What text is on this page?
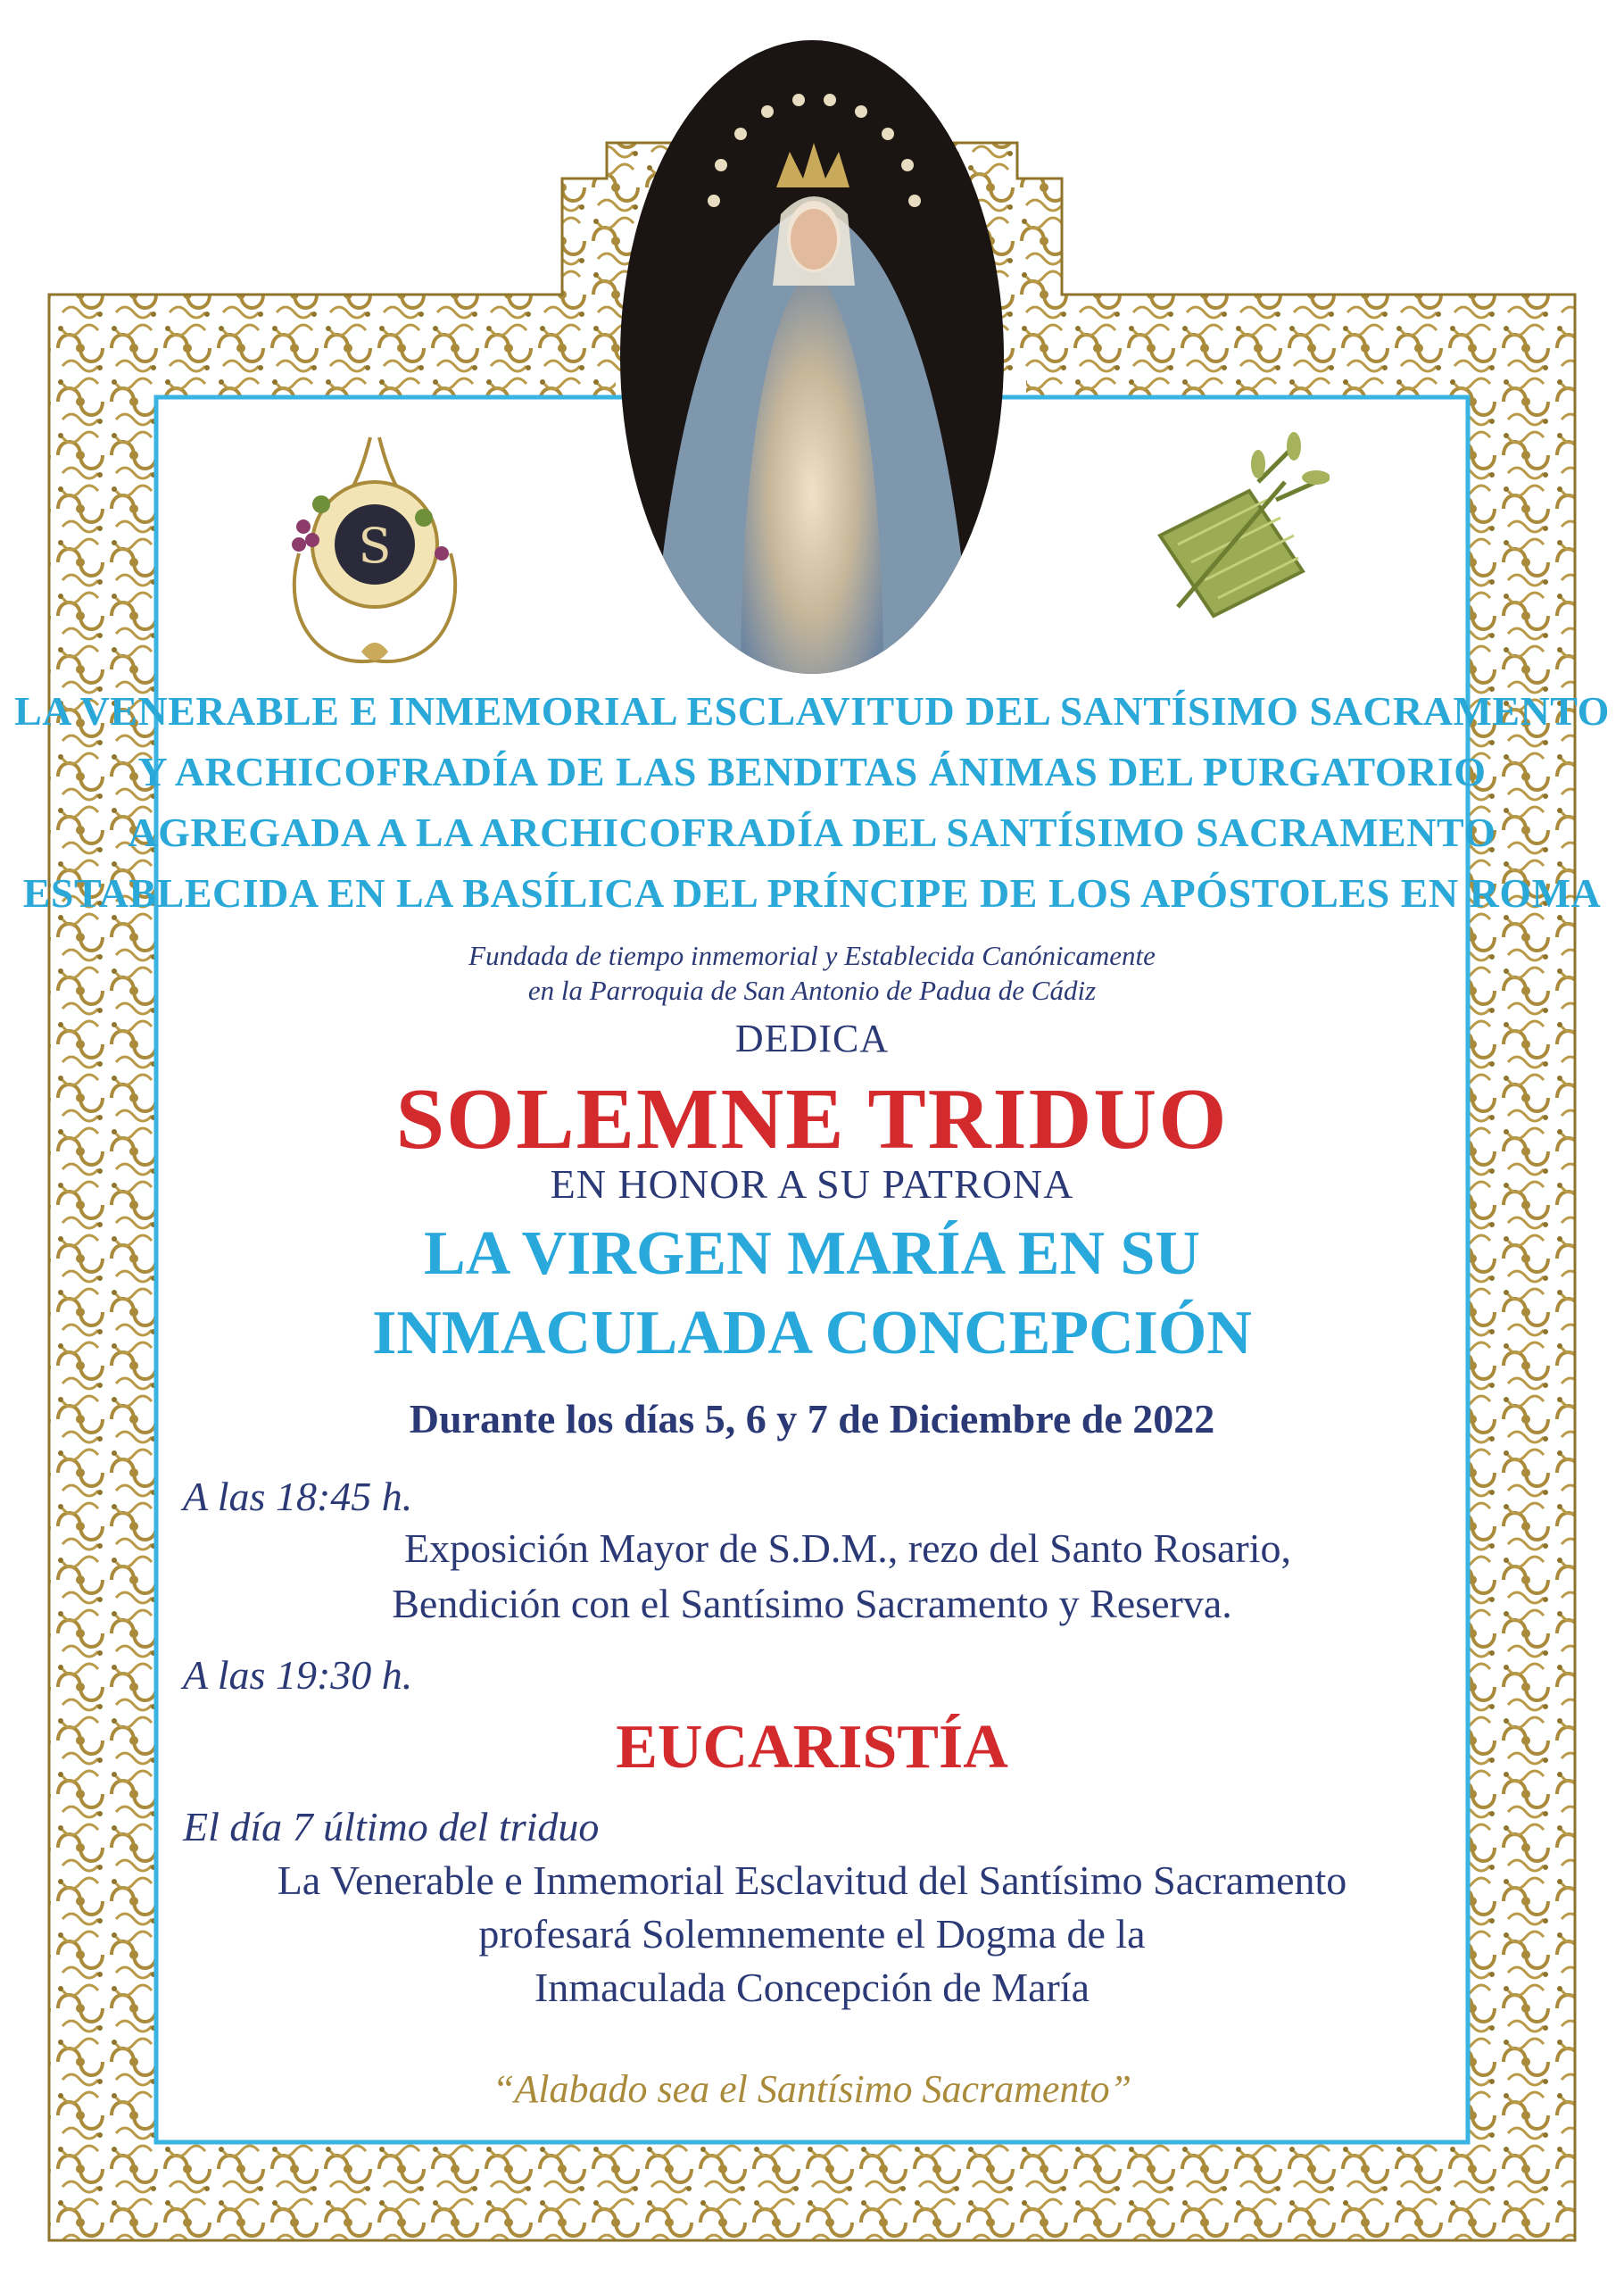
S
LA VENERABLE E INMEMORIAL ESCLAVITUD DEL SANTÍSIMO SACRAMENTO
Y ARCHICOFRADÍA DE LAS BENDITAS ÁNIMAS DEL PURGATORIO
AGREGADA A LA ARCHICOFRADÍA DEL SANTÍSIMO SACRAMENTO
ESTABLECIDA EN LA BASÍLICA DEL PRÍNCIPE DE LOS APÓSTOLES EN ROMA
Fundada de tiempo inmemorial y Establecida Canónicamente
en la Parroquia de San Antonio de Padua de Cádiz
DEDICA
SOLEMNE TRIDUO
EN HONOR A SU PATRONA
LA VIRGEN MARÍA EN SU
INMACULADA CONCEPCIÓN
Durante los días 5, 6 y 7 de Diciembre de 2022
A las 18:45 h.
Exposición Mayor de S.D.M., rezo del Santo Rosario,
Bendición con el Santísimo Sacramento y Reserva.
A las 19:30 h.
EUCARISTÍA
El día 7 último del triduo
La Venerable e Inmemorial Esclavitud del Santísimo Sacramento
profesará Solemnemente el Dogma de la
Inmaculada Concepción de María
“Alabado sea el Santísimo Sacramento”
